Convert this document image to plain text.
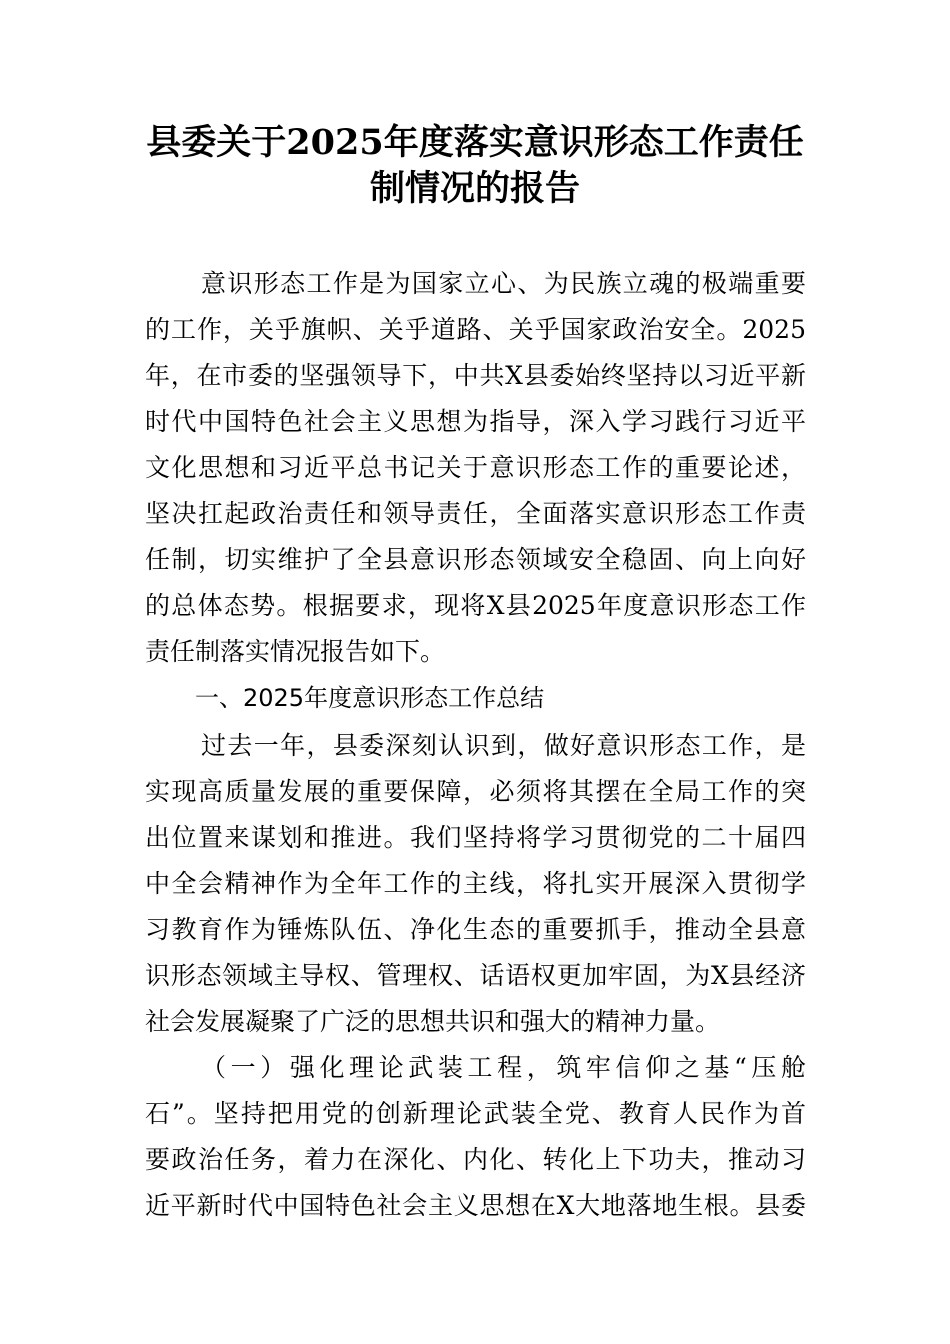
县委关于2025年度落实意识形态工作责任
制情况的报告
意识形态工作是为国家立心、为民族立魂的极端重要
的工作，关乎旗帜、关乎道路、关乎国家政治安全。2025
年，在市委的坚强领导下，中共X县委始终坚持以习近平新
时代中国特色社会主义思想为指导，深入学习践行习近平
文化思想和习近平总书记关于意识形态工作的重要论述，
坚决扛起政治责任和领导责任，全面落实意识形态工作责
任制，切实维护了全县意识形态领域安全稳固、向上向好
的总体态势。根据要求，现将X县2025年度意识形态工作
责任制落实情况报告如下。
一、2025年度意识形态工作总结
过去一年，县委深刻认识到，做好意识形态工作，是
实现高质量发展的重要保障，必须将其摆在全局工作的突
出位置来谋划和推进。我们坚持将学习贯彻党的二十届四
中全会精神作为全年工作的主线，将扎实开展深入贯彻学
习教育作为锤炼队伍、净化生态的重要抓手，推动全县意
识形态领域主导权、管理权、话语权更加牢固，为X县经济
社会发展凝聚了广泛的思想共识和强大的精神力量。
（一）强化理论武装工程，筑牢信仰之基“压舱
石”。坚持把用党的创新理论武装全党、教育人民作为首
要政治任务，着力在深化、内化、转化上下功夫，推动习
近平新时代中国特色社会主义思想在X大地落地生根。县委
